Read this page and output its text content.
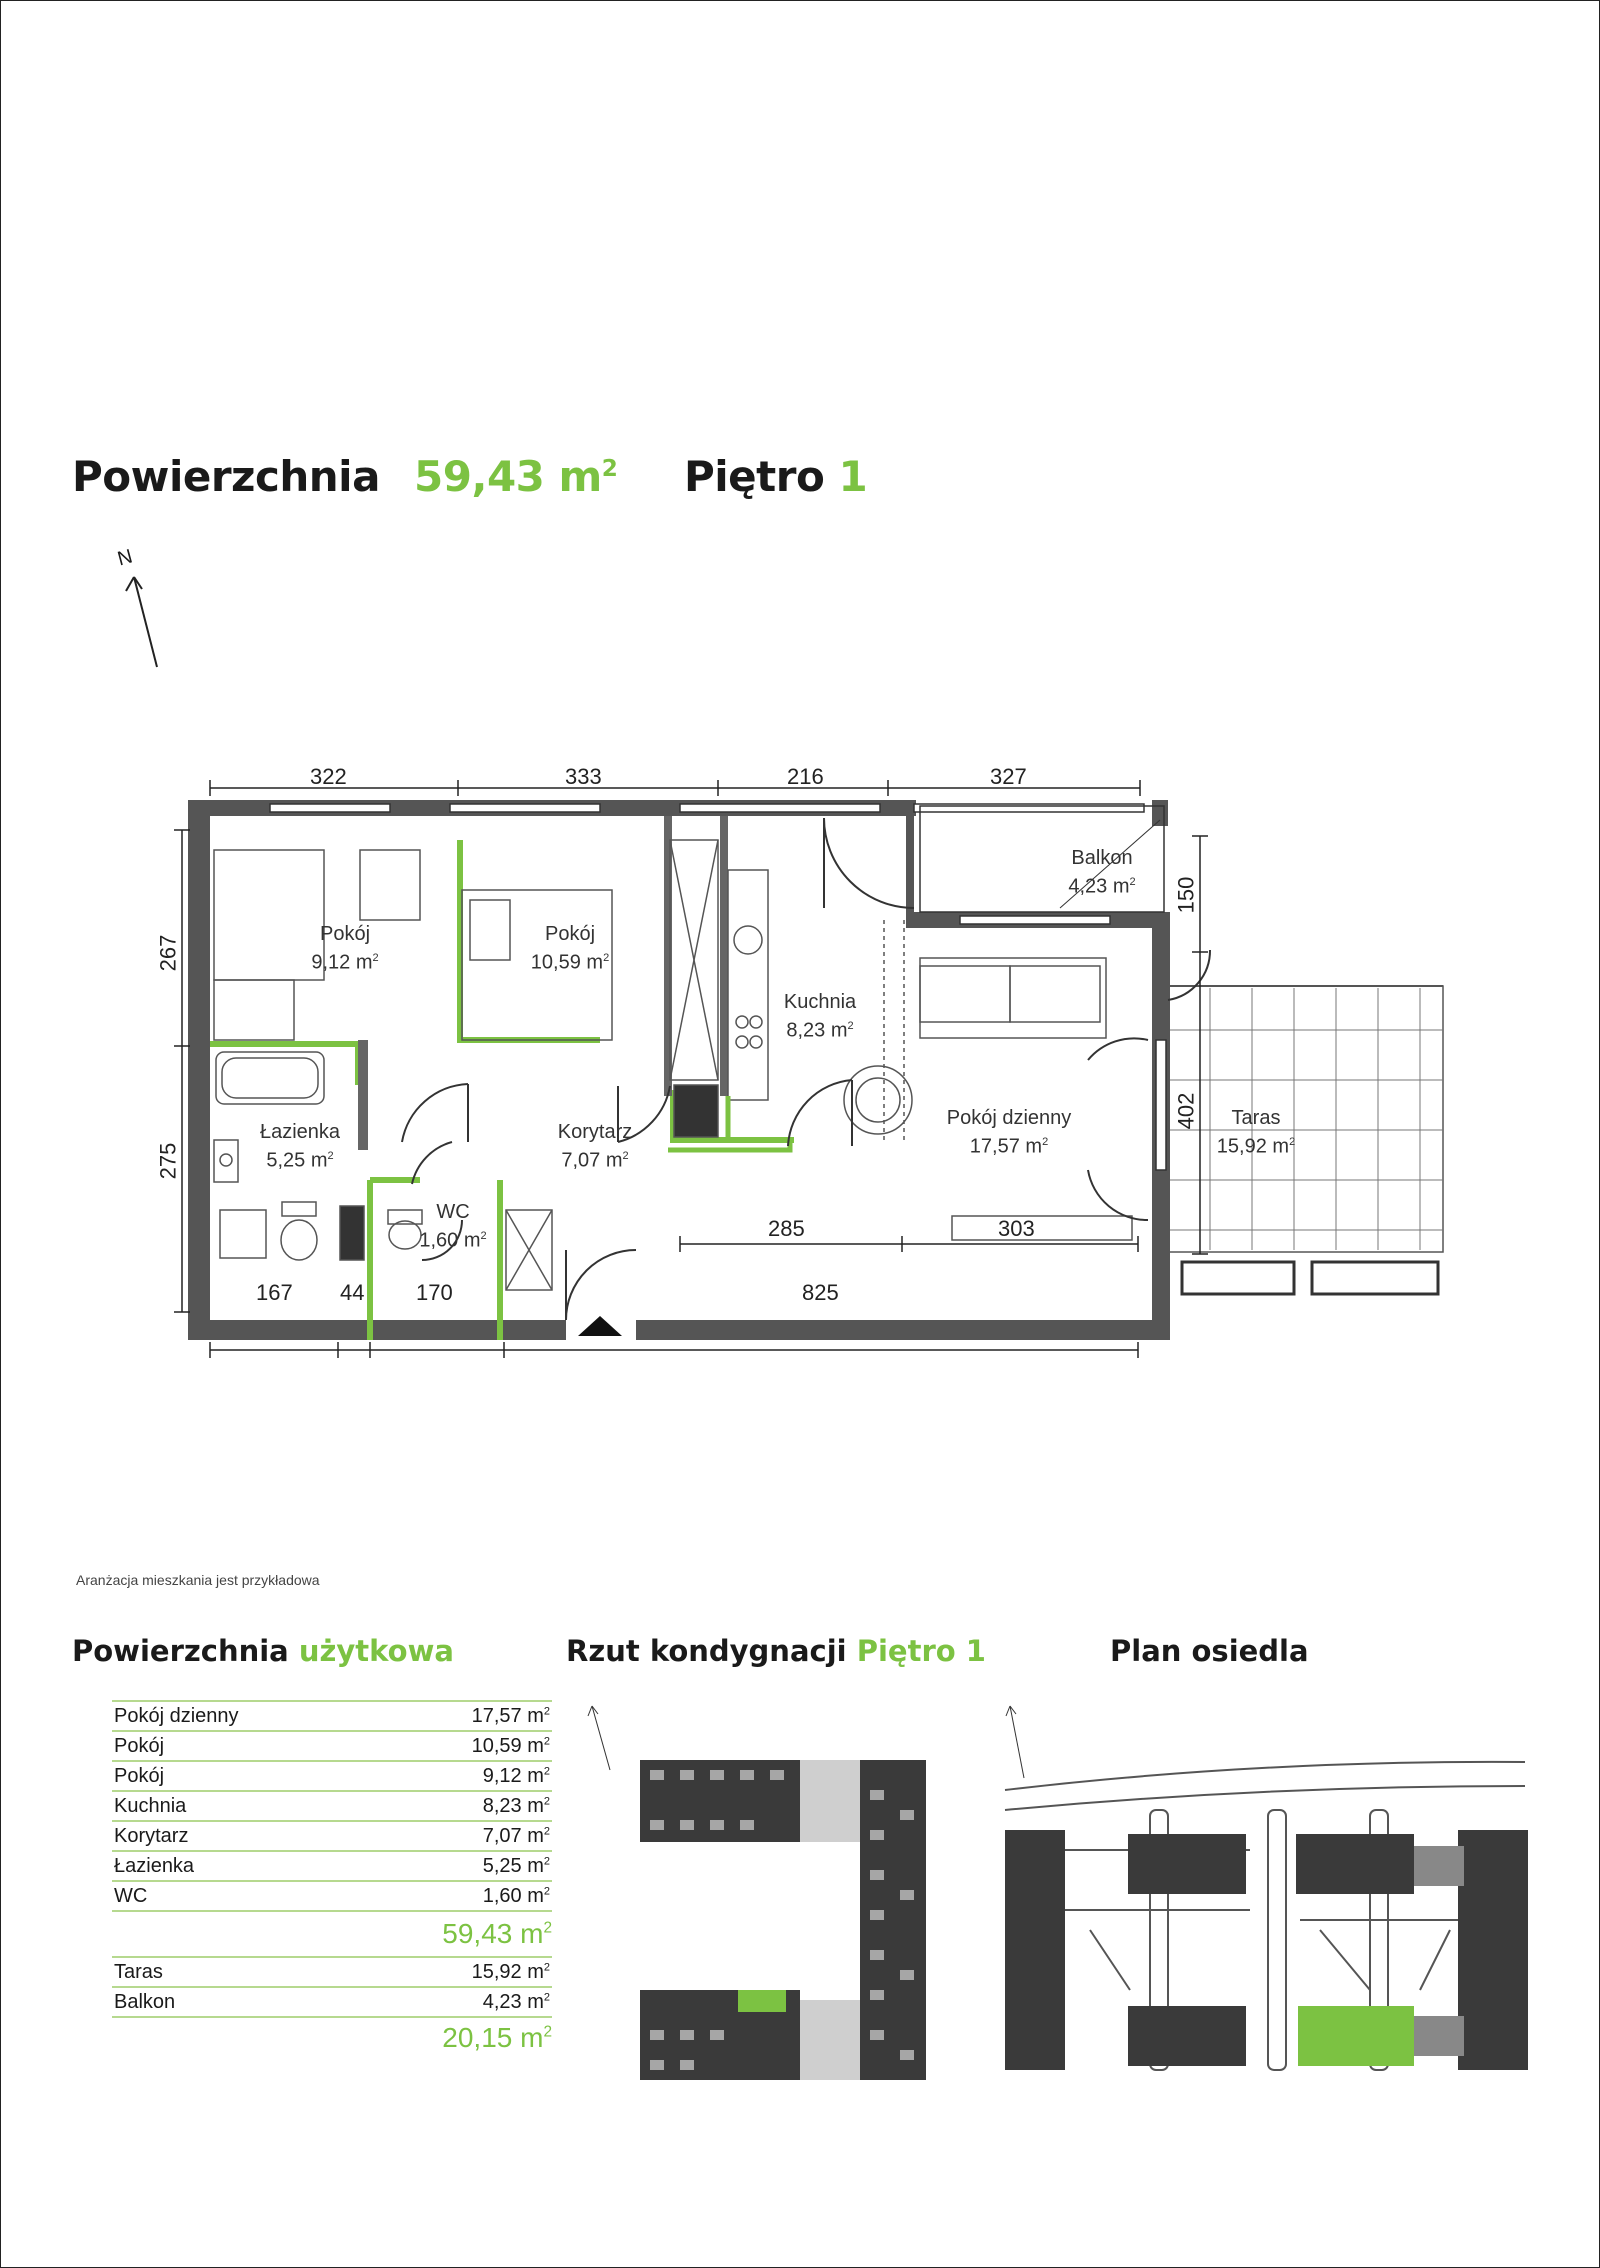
Powierzchnia 59,43 $m^2$ Piętro 1
N
322	333	216	327
267
275
150
402
285	303
167 44 170	825
Pokój
9,12 $m^2$
Pokój
10,59 $m^2$
Kuchnia
8,23 $m^2$
Balkon
4,23 $m^2$
Łazienka
5,25 $m^2$
Korytarz
7,07 $m^2$
Pokój dzienny
17,57 $m^2$
WC
1,60 $m^2$
Taras
15,92 $m^2$
Aranżacja mieszkania jest przykładowa
Powierzchnia użytkowa
Pokój dzienny	17,57 $m^2$
Pokój	10,59 $m^2$
Pokój	9,12 $m^2$
Kuchnia	8,23 $m^2$
Korytarz	7,07 $m^2$
Łazienka	5,25 $m^2$
WC	1,60 $m^2$
59,43 $m^2$
Taras	15,92 $m^2$
Balkon	4,23 $m^2$
20,15 $m^2$
Rzut kondygnacji Piętro 1	Plan osiedla
